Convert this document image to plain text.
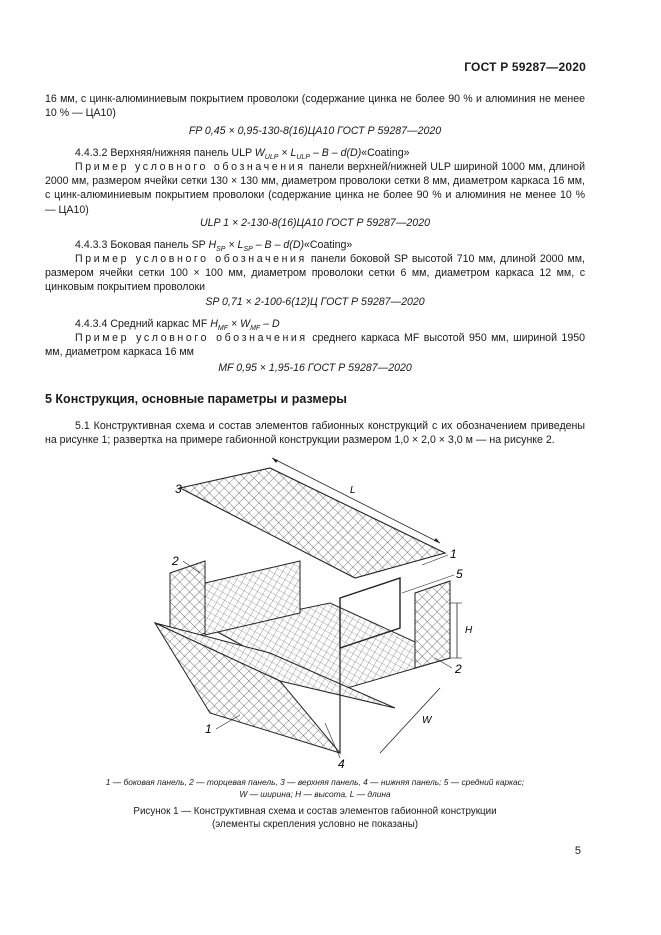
ГОСТ Р 59287—2020
16 мм, с цинк-алюминиевым покрытием проволоки (содержание цинка не более 90 % и алюминия не менее 10 % — ЦА10)
FP 0,45 × 0,95-130-8(16)ЦА10 ГОСТ Р 59287—2020
4.4.3.2 Верхняя/нижняя панель ULP $W_{ULP} \times L_{ULP} - B$ – d(D)«Coating»
Пример условного обозначения панели верхней/нижней ULP шириной 1000 мм, длиной 2000 мм, размером ячейки сетки 130 × 130 мм, диаметром проволоки сетки 8 мм, диаметром каркаса 16 мм, с цинк-алюминиевым покрытием проволоки (содержание цинка не более 90 % и алюминия не менее 10 % — ЦА10)
ULP 1 × 2-130-8(16)ЦА10 ГОСТ Р 59287—2020
4.4.3.3 Боковая панель SP $H_{SP} \times L_{SP} - B$ – d(D)«Coating»
Пример условного обозначения панели боковой SP высотой 710 мм, длиной 2000 мм, размером ячейки сетки 100 × 100 мм, диаметром проволоки сетки 6 мм, диаметром каркаса 12 мм, с цинковым покрытием проволоки
SP 0,71 × 2-100-6(12)Ц ГОСТ Р 59287—2020
4.4.3.4 Средний каркас MF $H_{MF} \times W_{MF} - D$
Пример условного обозначения среднего каркаса MF высотой 950 мм, шириной 1950 мм, диаметром каркаса 16 мм
MF 0,95 × 1,95-16 ГОСТ Р 59287—2020
5 Конструкция, основные параметры и размеры
5.1 Конструктивная схема и состав элементов габионных конструкций с их обозначением приведены на рисунке 1; развертка на примере габионной конструкции размером 1,0 × 2,0 × 3,0 м — на рисунке 2.
L
H
W
3
2	1
5
2
1
4
1 — боковая панель, 2 — торцевая панель, 3 — верхняя панель, 4 — нижняя панель; 5 — средний каркас;
W — ширина; H — высота, L — длина
Рисунок 1 — Конструктивная схема и состав элементов габионной конструкции
(элементы скрепления условно не показаны)
5
